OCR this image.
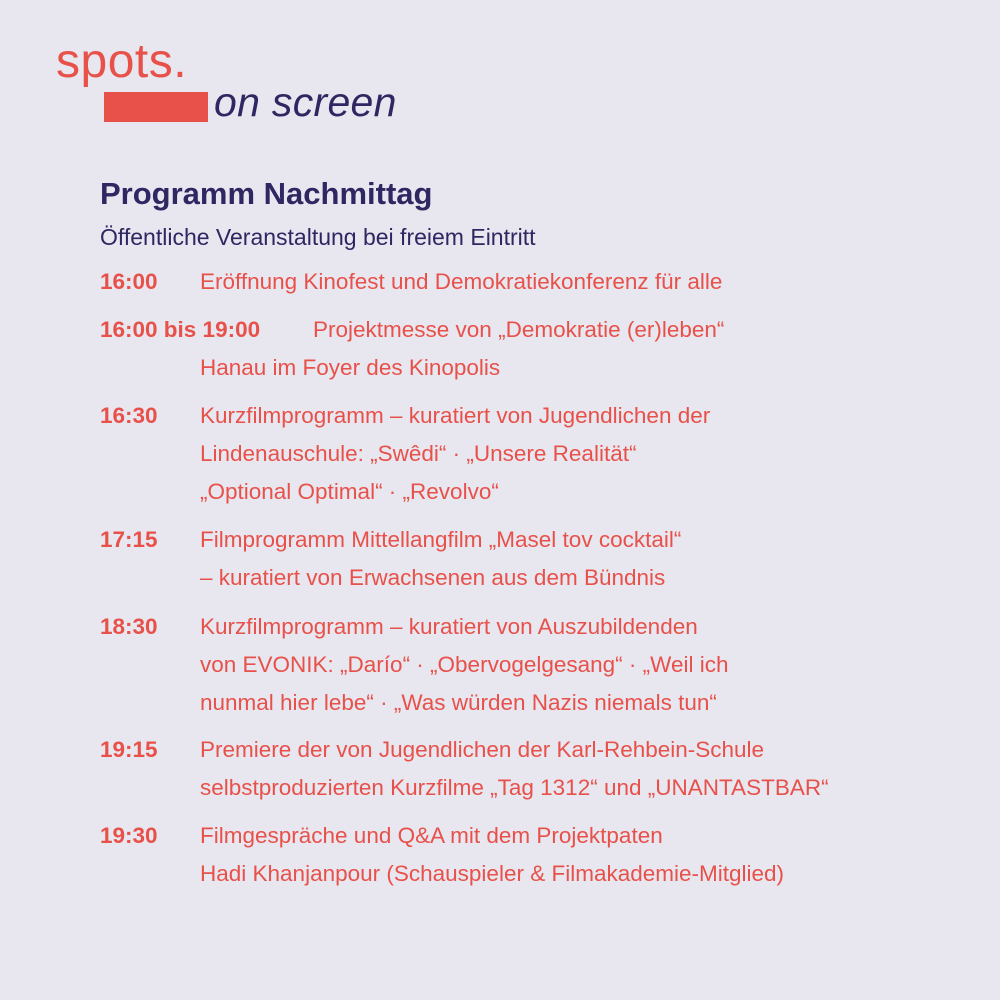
spots.
on screen
Programm Nachmittag
Öffentliche Veranstaltung bei freiem Eintritt
16:00	Eröffnung Kinofest und Demokratiekonferenz für alle
16:00 bis 19:00	Projektmesse von „Demokratie (er)leben“
Hanau im Foyer des Kinopolis
16:30	Kurzfilmprogramm – kuratiert von Jugendlichen der
Lindenauschule: „Swêdi“ · „Unsere Realität“
„Optional Optimal“ · „Revolvo“
17:15	Filmprogramm Mittellangfilm „Masel tov cocktail“
– kuratiert von Erwachsenen aus dem Bündnis
18:30	Kurzfilmprogramm – kuratiert von Auszubildenden
von EVONIK: „Darío“ · „Obervogelgesang“ · „Weil ich
nunmal hier lebe“ · „Was würden Nazis niemals tun“
19:15	Premiere der von Jugendlichen der Karl-Rehbein-Schule
selbstproduzierten Kurzfilme „Tag 1312“ und „UNANTASTBAR“
19:30	Filmgespräche und Q&A mit dem Projektpaten
Hadi Khanjanpour (Schauspieler & Filmakademie-Mitglied)
